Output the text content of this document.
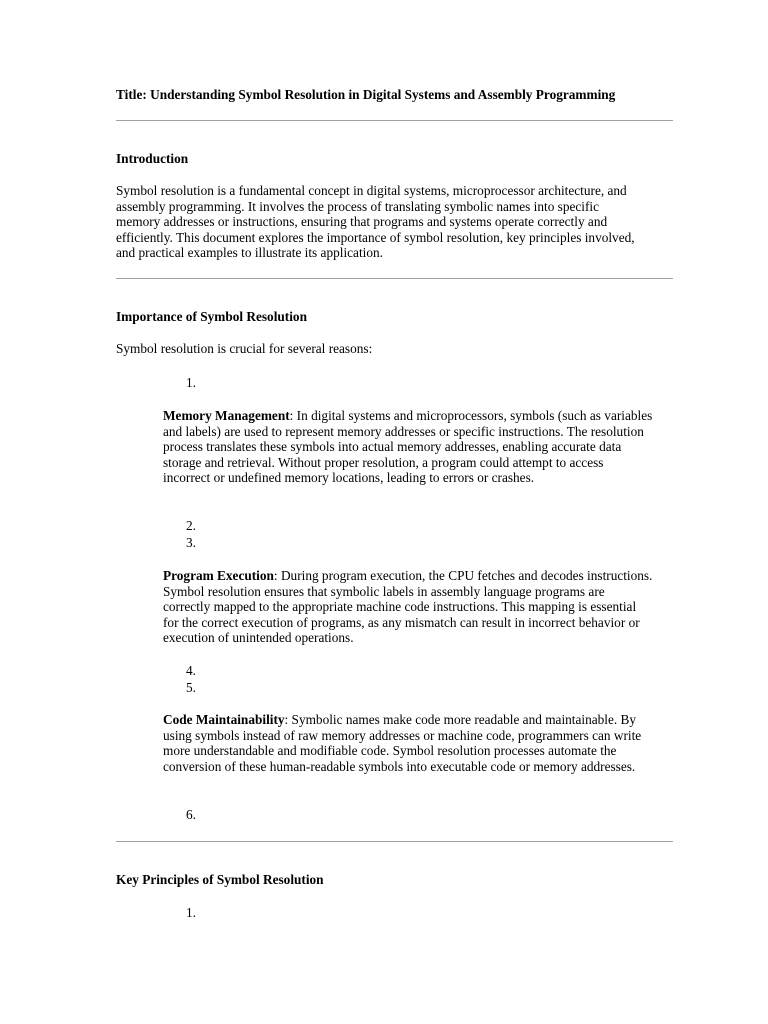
Title: Understanding Symbol Resolution in Digital Systems and Assembly Programming
Introduction
Symbol resolution is a fundamental concept in digital systems, microprocessor architecture, and assembly programming. It involves the process of translating symbolic names into specific memory addresses or instructions, ensuring that programs and systems operate correctly and efficiently. This document explores the importance of symbol resolution, key principles involved, and practical examples to illustrate its application.
Importance of Symbol Resolution
Symbol resolution is crucial for several reasons:
1.
Memory Management: In digital systems and microprocessors, symbols (such as variables and labels) are used to represent memory addresses or specific instructions. The resolution process translates these symbols into actual memory addresses, enabling accurate data storage and retrieval. Without proper resolution, a program could attempt to access incorrect or undefined memory locations, leading to errors or crashes.
2.
3.
Program Execution: During program execution, the CPU fetches and decodes instructions. Symbol resolution ensures that symbolic labels in assembly language programs are correctly mapped to the appropriate machine code instructions. This mapping is essential for the correct execution of programs, as any mismatch can result in incorrect behavior or execution of unintended operations.
4.
5.
Code Maintainability: Symbolic names make code more readable and maintainable. By using symbols instead of raw memory addresses or machine code, programmers can write more understandable and modifiable code. Symbol resolution processes automate the conversion of these human-readable symbols into executable code or memory addresses.
6.
Key Principles of Symbol Resolution
1.
